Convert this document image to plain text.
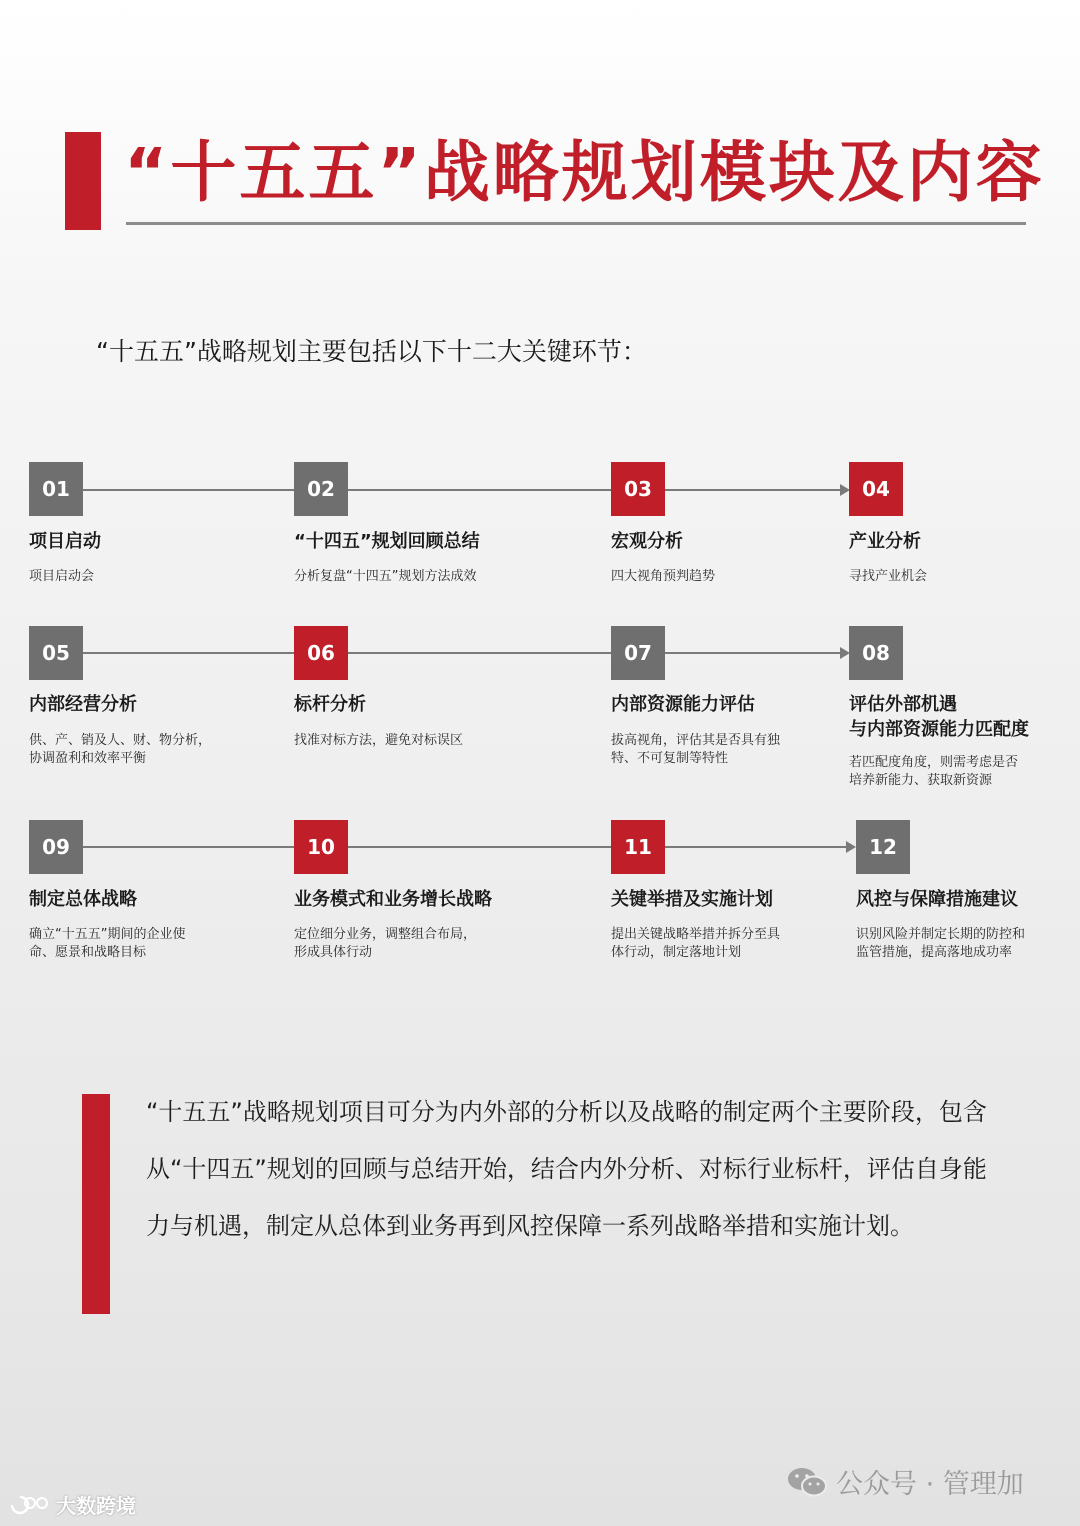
“十五五”战略规划模块及内容
“十五五”战略规划主要包括以下十二大关键环节：
01
项目启动
项目启动会
02
“十四五”规划回顾总结
分析复盘“十四五”规划方法成效
03
宏观分析
四大视角预判趋势
04
产业分析
寻找产业机会
05
内部经营分析
供、产、销及人、财、物分析，
协调盈利和效率平衡
06
标杆分析
找准对标方法，避免对标误区
07
内部资源能力评估
拔高视角，评估其是否具有独
特、不可复制等特性
08
评估外部机遇
与内部资源能力匹配度
若匹配度角度，则需考虑是否
培养新能力、获取新资源
09
制定总体战略
确立“十五五”期间的企业使
命、愿景和战略目标
10
业务模式和业务增长战略
定位细分业务，调整组合布局，
形成具体行动
11
关键举措及实施计划
提出关键战略举措并拆分至具
体行动，制定落地计划
12
风控与保障措施建议
识别风险并制定长期的防控和
监管措施，提高落地成功率
“十五五”战略规划项目可分为内外部的分析以及战略的制定两个主要阶段，包含从“十四五”规划的回顾与总结开始，结合内外分析、对标行业标杆，评估自身能力与机遇，制定从总体到业务再到风控保障一系列战略举措和实施计划。
公众号 · 管理加
大数跨境
